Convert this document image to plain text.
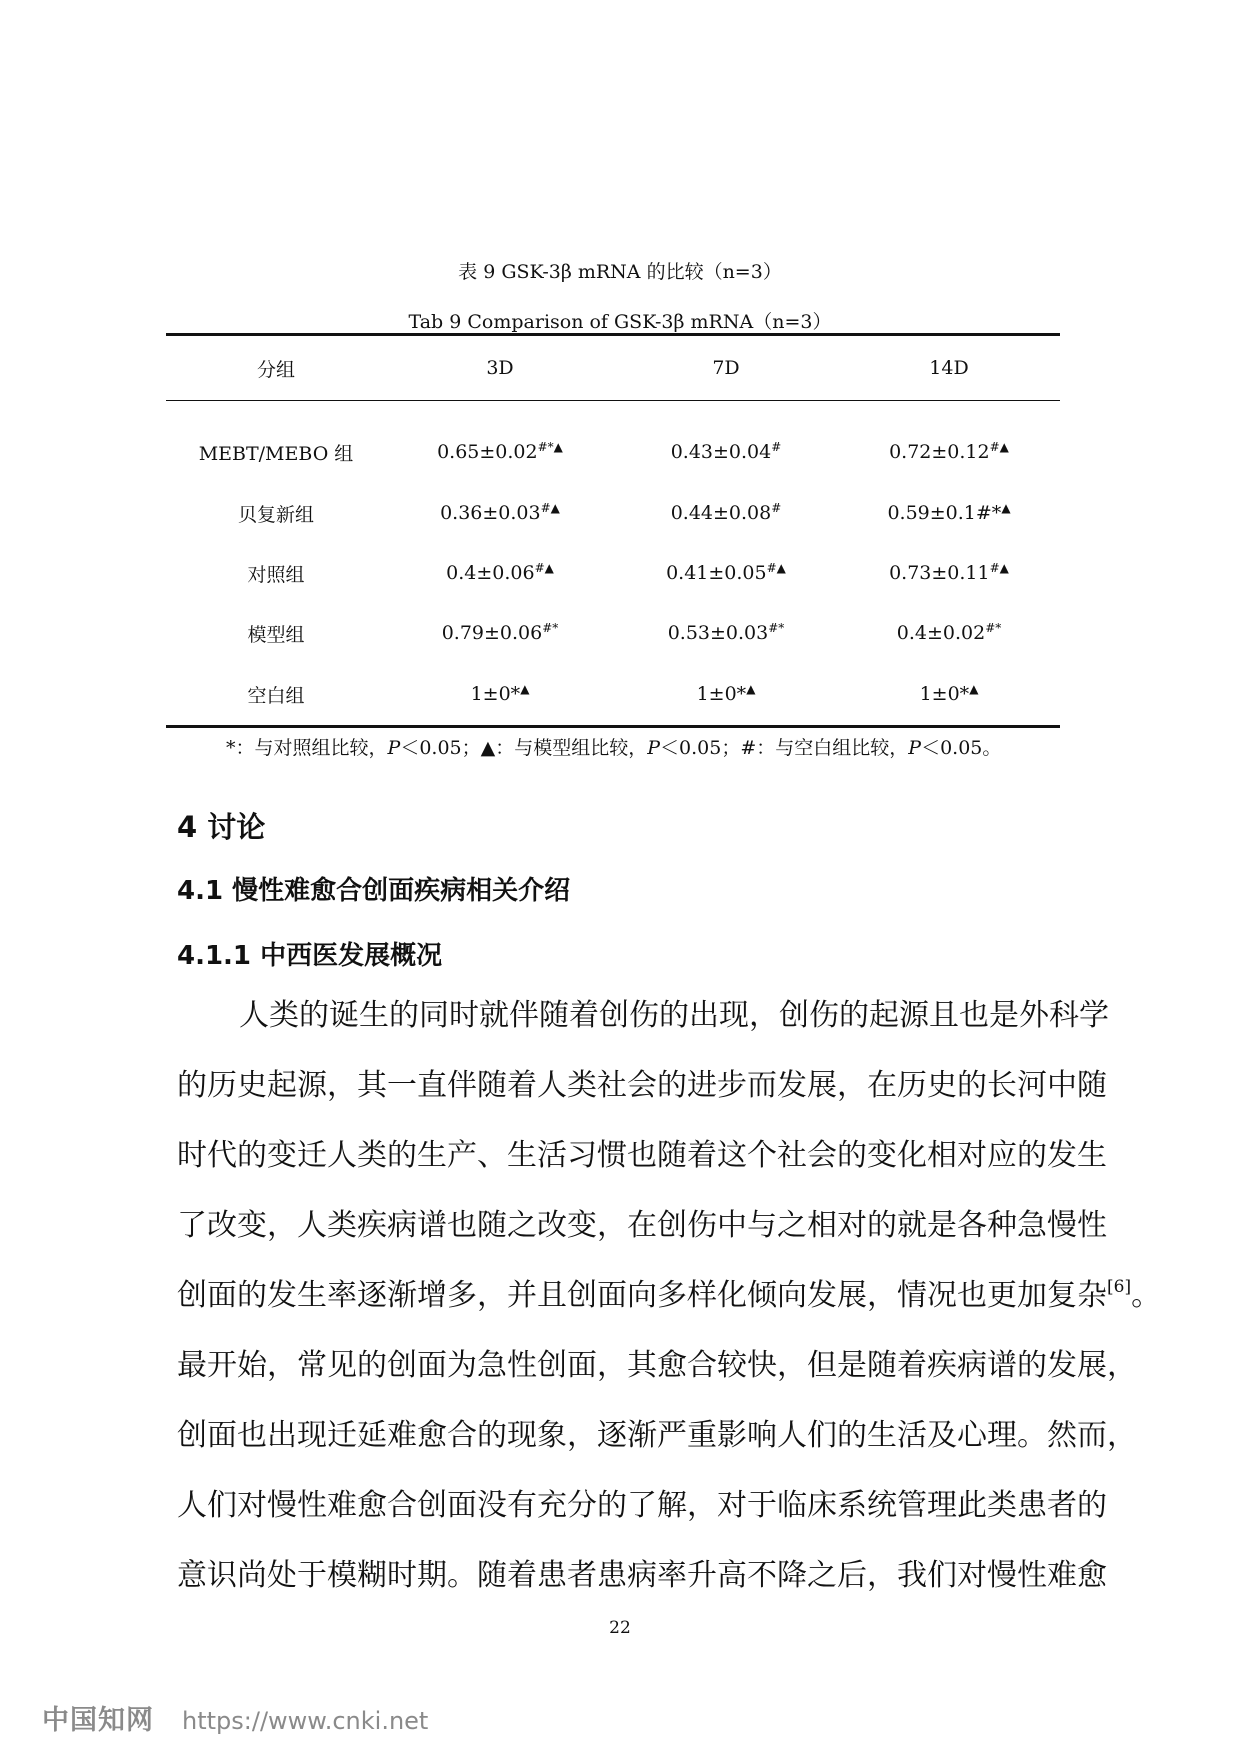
表 9 GSK-3β mRNA 的比较（n=3）
Tab 9 Comparison of GSK-3β mRNA（n=3）
分组	3D	7D	14D
MEBT/MEBO 组	0.65±0.02#*▲	0.43±0.04#	0.72±0.12#▲
贝复新组	0.36±0.03#▲	0.44±0.08#	0.59±0.1#*▲
对照组	0.4±0.06#▲	0.41±0.05#▲	0.73±0.11#▲
模型组	0.79±0.06#*	0.53±0.03#*	0.4±0.02#*
空白组	1±0*▲	1±0*▲	1±0*▲
*：与对照组比较，P＜0.05；▲：与模型组比较，P＜0.05；#：与空白组比较，P＜0.05。
4 讨论
4.1 慢性难愈合创面疾病相关介绍
4.1.1 中西医发展概况
人类的诞生的同时就伴随着创伤的出现，创伤的起源且也是外科学
的历史起源，其一直伴随着人类社会的进步而发展，在历史的长河中随
时代的变迁人类的生产、生活习惯也随着这个社会的变化相对应的发生
了改变，人类疾病谱也随之改变，在创伤中与之相对的就是各种急慢性
创面的发生率逐渐增多，并且创面向多样化倾向发展，情况也更加复杂[6]。
最开始，常见的创面为急性创面，其愈合较快，但是随着疾病谱的发展，
创面也出现迁延难愈合的现象，逐渐严重影响人们的生活及心理。然而，
人们对慢性难愈合创面没有充分的了解，对于临床系统管理此类患者的
意识尚处于模糊时期。随着患者患病率升高不降之后，我们对慢性难愈
22
中国知网 https://www.cnki.net
